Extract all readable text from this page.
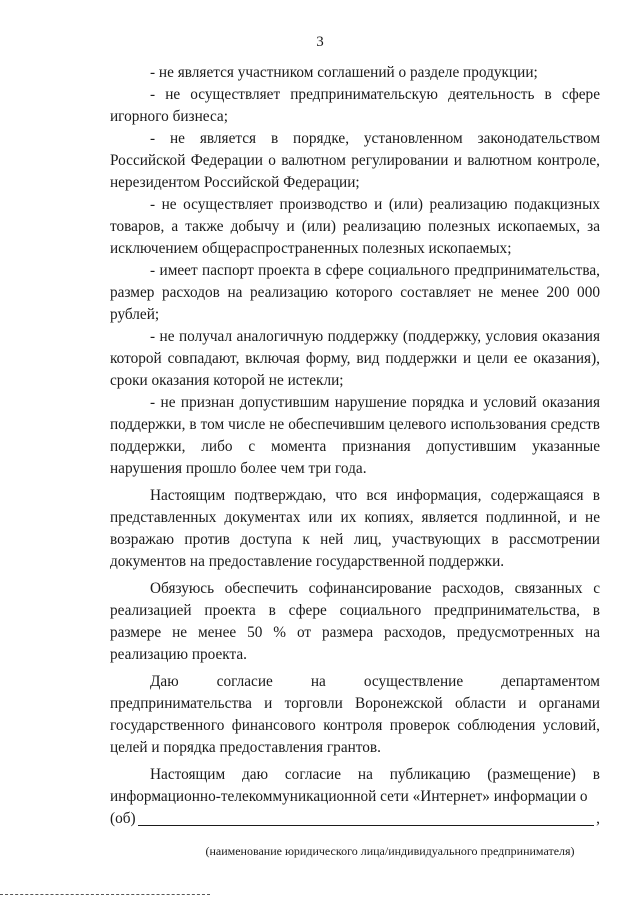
3

- не является участником соглашений о разделе продукции;

- не осуществляет предпринимательскую деятельность в сфере игорного бизнеса;

- не является в порядке, установленном законодательством Российской Федерации о валютном регулировании и валютном контроле, нерезидентом Российской Федерации;

- не осуществляет производство и (или) реализацию подакцизных товаров, а также добычу и (или) реализацию полезных ископаемых, за исключением общераспространенных полезных ископаемых;

- имеет паспорт проекта в сфере социального предпринимательства, размер расходов на реализацию которого составляет не менее 200 000 рублей;

- не получал аналогичную поддержку (поддержку, условия оказания которой совпадают, включая форму, вид поддержки и цели ее оказания), сроки оказания которой не истекли;

- не признан допустившим нарушение порядка и условий оказания поддержки, в том числе не обеспечившим целевого использования средств поддержки, либо с момента признания допустившим указанные нарушения прошло более чем три года.

Настоящим подтверждаю, что вся информация, содержащаяся в представленных документах или их копиях, является подлинной, и не возражаю против доступа к ней лиц, участвующих в рассмотрении документов на предоставление государственной поддержки.

Обязуюсь обеспечить софинансирование расходов, связанных с реализацией проекта в сфере социального предпринимательства, в размере не менее 50 % от размера расходов, предусмотренных на реализацию проекта.

Даю согласие на осуществление департаментом предпринимательства и торговли Воронежской области и органами государственного финансового контроля проверок соблюдения условий, целей и порядка предоставления грантов.

Настоящим даю согласие на публикацию (размещение) в информационно-телекоммуникационной сети «Интернет» информации о

(об)	,
(наименование юридического лица/индивидуального предпринимателя)
